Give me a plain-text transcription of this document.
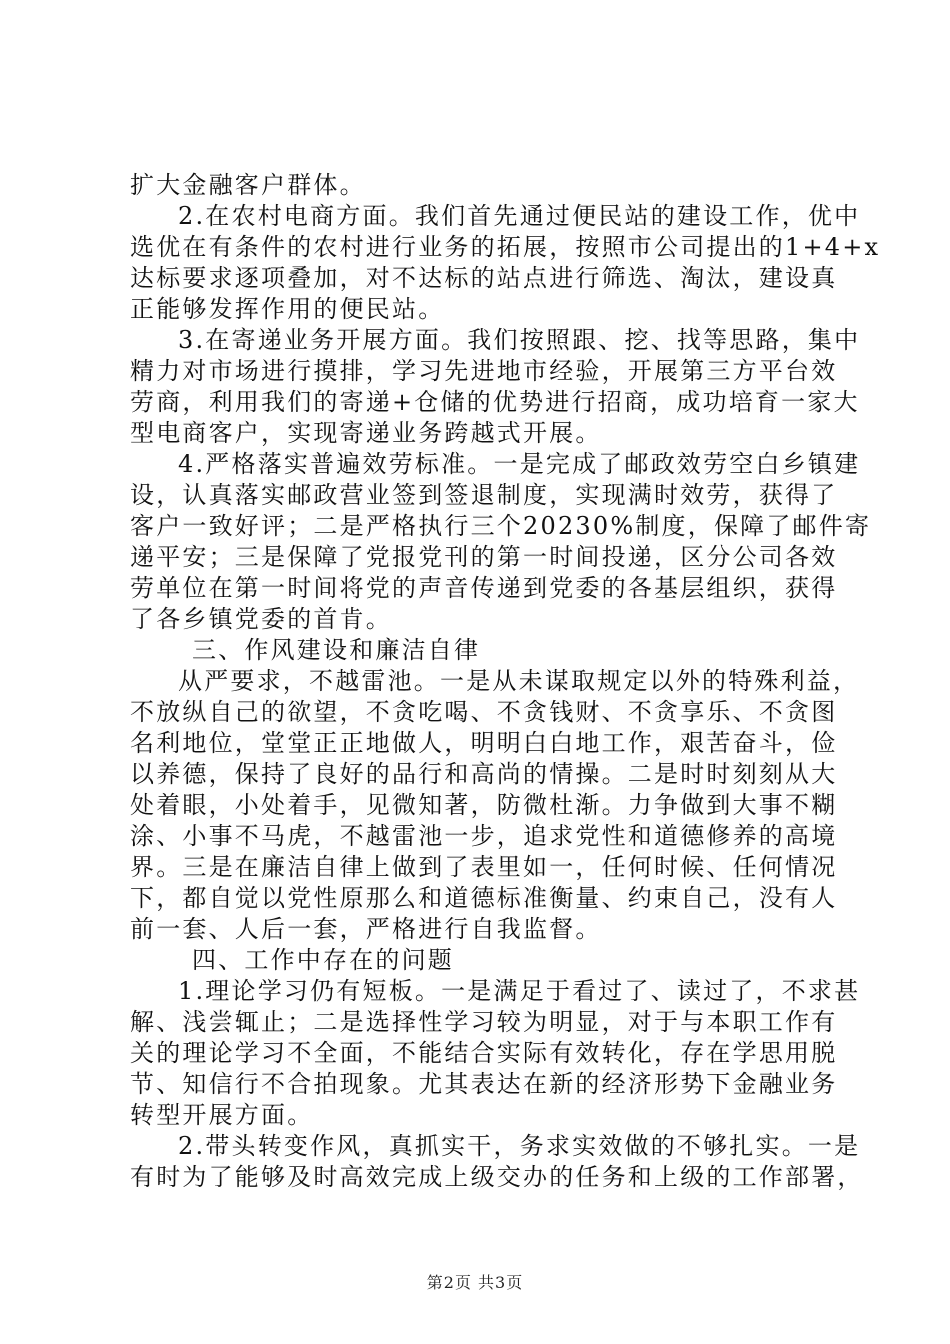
扩大金融客户群体。
2.在农村电商方面。我们首先通过便民站的建设工作，优中
选优在有条件的农村进行业务的拓展，按照市公司提出的1+4+x
达标要求逐项叠加，对不达标的站点进行筛选、淘汰，建设真
正能够发挥作用的便民站。
3.在寄递业务开展方面。我们按照跟、挖、找等思路，集中
精力对市场进行摸排，学习先进地市经验，开展第三方平台效
劳商，利用我们的寄递+仓储的优势进行招商，成功培育一家大
型电商客户，实现寄递业务跨越式开展。
4.严格落实普遍效劳标准。一是完成了邮政效劳空白乡镇建
设，认真落实邮政营业签到签退制度，实现满时效劳，获得了
客户一致好评；二是严格执行三个20230%制度，保障了邮件寄
递平安；三是保障了党报党刊的第一时间投递，区分公司各效
劳单位在第一时间将党的声音传递到党委的各基层组织，获得
了各乡镇党委的首肯。
三、作风建设和廉洁自律
从严要求，不越雷池。一是从未谋取规定以外的特殊利益，
不放纵自己的欲望，不贪吃喝、不贪钱财、不贪享乐、不贪图
名利地位，堂堂正正地做人，明明白白地工作，艰苦奋斗，俭
以养德，保持了良好的品行和高尚的情操。二是时时刻刻从大
处着眼，小处着手，见微知著，防微杜渐。力争做到大事不糊
涂、小事不马虎，不越雷池一步，追求党性和道德修养的高境
界。三是在廉洁自律上做到了表里如一，任何时候、任何情况
下，都自觉以党性原那么和道德标准衡量、约束自己，没有人
前一套、人后一套，严格进行自我监督。
四、工作中存在的问题
1.理论学习仍有短板。一是满足于看过了、读过了，不求甚
解、浅尝辄止；二是选择性学习较为明显，对于与本职工作有
关的理论学习不全面，不能结合实际有效转化，存在学思用脱
节、知信行不合拍现象。尤其表达在新的经济形势下金融业务
转型开展方面。
2.带头转变作风，真抓实干，务求实效做的不够扎实。一是
有时为了能够及时高效完成上级交办的任务和上级的工作部署，
第2页 共3页
